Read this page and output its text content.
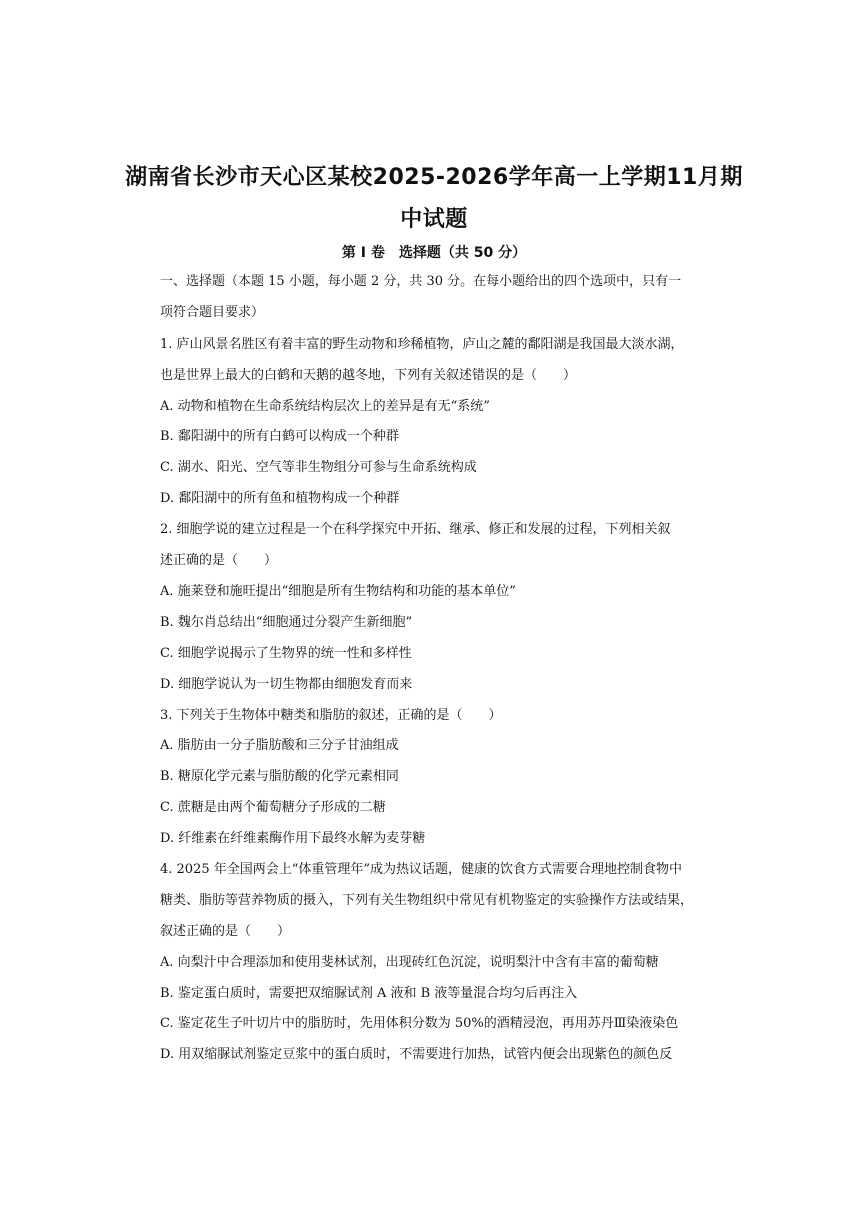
湖南省长沙市天心区某校2025-2026学年高一上学期11月期
中试题
第 I 卷　选择题（共 50 分）
一、选择题（本题 15 小题，每小题 2 分，共 30 分。在每小题给出的四个选项中，只有一
项符合题目要求）
1. 庐山风景名胜区有着丰富的野生动物和珍稀植物，庐山之麓的鄱阳湖是我国最大淡水湖，
也是世界上最大的白鹤和天鹅的越冬地，下列有关叙述错误的是（　　）
A. 动物和植物在生命系统结构层次上的差异是有无“系统”
B. 鄱阳湖中的所有白鹤可以构成一个种群
C. 湖水、阳光、空气等非生物组分可参与生命系统构成
D. 鄱阳湖中的所有鱼和植物构成一个种群
2. 细胞学说的建立过程是一个在科学探究中开拓、继承、修正和发展的过程，下列相关叙
述正确的是（　　）
A. 施莱登和施旺提出“细胞是所有生物结构和功能的基本单位”
B. 魏尔肖总结出“细胞通过分裂产生新细胞”
C. 细胞学说揭示了生物界的统一性和多样性
D. 细胞学说认为一切生物都由细胞发育而来
3. 下列关于生物体中糖类和脂肪的叙述，正确的是（　　）
A. 脂肪由一分子脂肪酸和三分子甘油组成
B. 糖原化学元素与脂肪酸的化学元素相同
C. 蔗糖是由两个葡萄糖分子形成的二糖
D. 纤维素在纤维素酶作用下最终水解为麦芽糖
4. 2025 年全国两会上“体重管理年”成为热议话题，健康的饮食方式需要合理地控制食物中
糖类、脂肪等营养物质的摄入，下列有关生物组织中常见有机物鉴定的实验操作方法或结果，
叙述正确的是（　　）
A. 向梨汁中合理添加和使用斐林试剂，出现砖红色沉淀，说明梨汁中含有丰富的葡萄糖
B. 鉴定蛋白质时，需要把双缩脲试剂 A 液和 B 液等量混合均匀后再注入
C. 鉴定花生子叶切片中的脂肪时，先用体积分数为 50%的酒精浸泡，再用苏丹Ⅲ染液染色
D. 用双缩脲试剂鉴定豆浆中的蛋白质时，不需要进行加热，试管内便会出现紫色的颜色反
